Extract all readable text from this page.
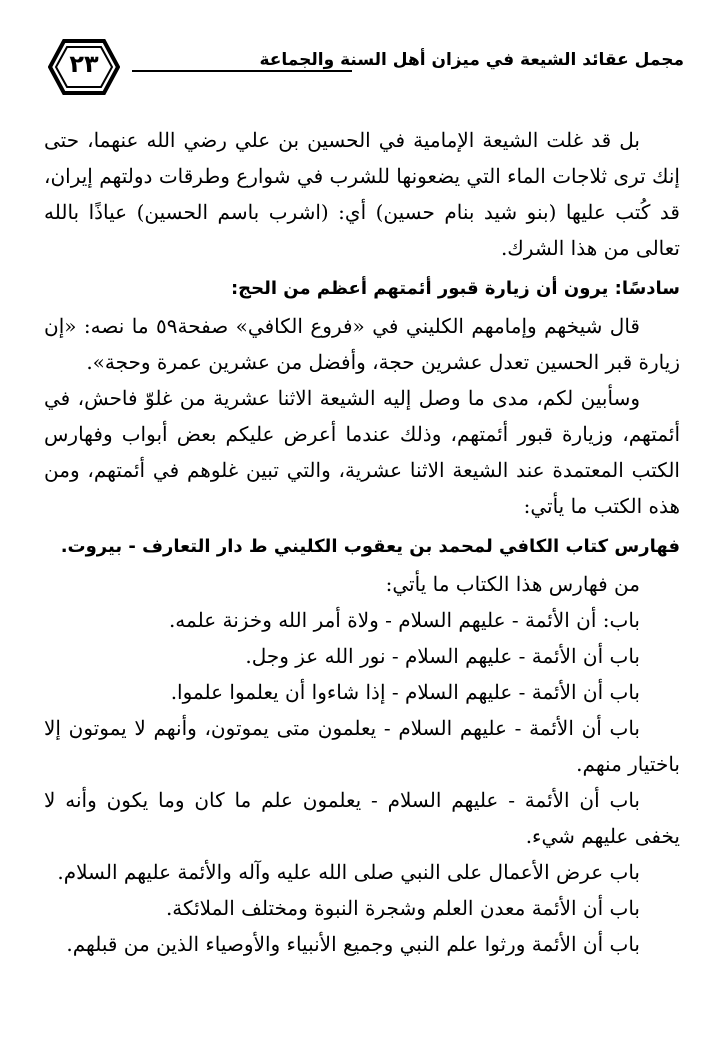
مجمل عقائد الشيعة في ميزان أهل السنة والجماعة
٢٣

بل قد غلت الشيعة الإمامية في الحسين بن علي رضي الله عنهما، حتى إنك ترى ثلاجات الماء التي يضعونها للشرب في شوارع وطرقات دولتهم إيران، قد كُتب عليها (بنو شيد بنام حسين) أي: (اشرب باسم الحسين) عياذًا بالله تعالى من هذا الشرك.

سادسًا: يرون أن زيارة قبور أئمتهم أعظم من الحج:

قال شيخهم وإمامهم الكليني في «فروع الكافي» صفحة٥٩ ما نصه: «إن زيارة قبر الحسين تعدل عشرين حجة، وأفضل من عشرين عمرة وحجة».

وسأبين لكم، مدى ما وصل إليه الشيعة الاثنا عشرية من غلوّ فاحش، في أئمتهم، وزيارة قبور أئمتهم، وذلك عندما أعرض عليكم بعض أبواب وفهارس الكتب المعتمدة عند الشيعة الاثنا عشرية، والتي تبين غلوهم في أئمتهم، ومن هذه الكتب ما يأتي:

فهارس كتاب الكافي لمحمد بن يعقوب الكليني ط دار التعارف - بيروت.

من فهارس هذا الكتاب ما يأتي:

باب: أن الأئمة - عليهم السلام - ولاة أمر الله وخزنة علمه.
باب أن الأئمة - عليهم السلام - نور الله عز وجل.
باب أن الأئمة - عليهم السلام - إذا شاءوا أن يعلموا علموا.
باب أن الأئمة - عليهم السلام - يعلمون متى يموتون، وأنهم لا يموتون إلا باختيار منهم.
باب أن الأئمة - عليهم السلام - يعلمون علم ما كان وما يكون وأنه لا يخفى عليهم شيء.
باب عرض الأعمال على النبي صلى الله عليه وآله والأئمة عليهم السلام.
باب أن الأئمة معدن العلم وشجرة النبوة ومختلف الملائكة.
باب أن الأئمة ورثوا علم النبي وجميع الأنبياء والأوصياء الذين من قبلهم.
